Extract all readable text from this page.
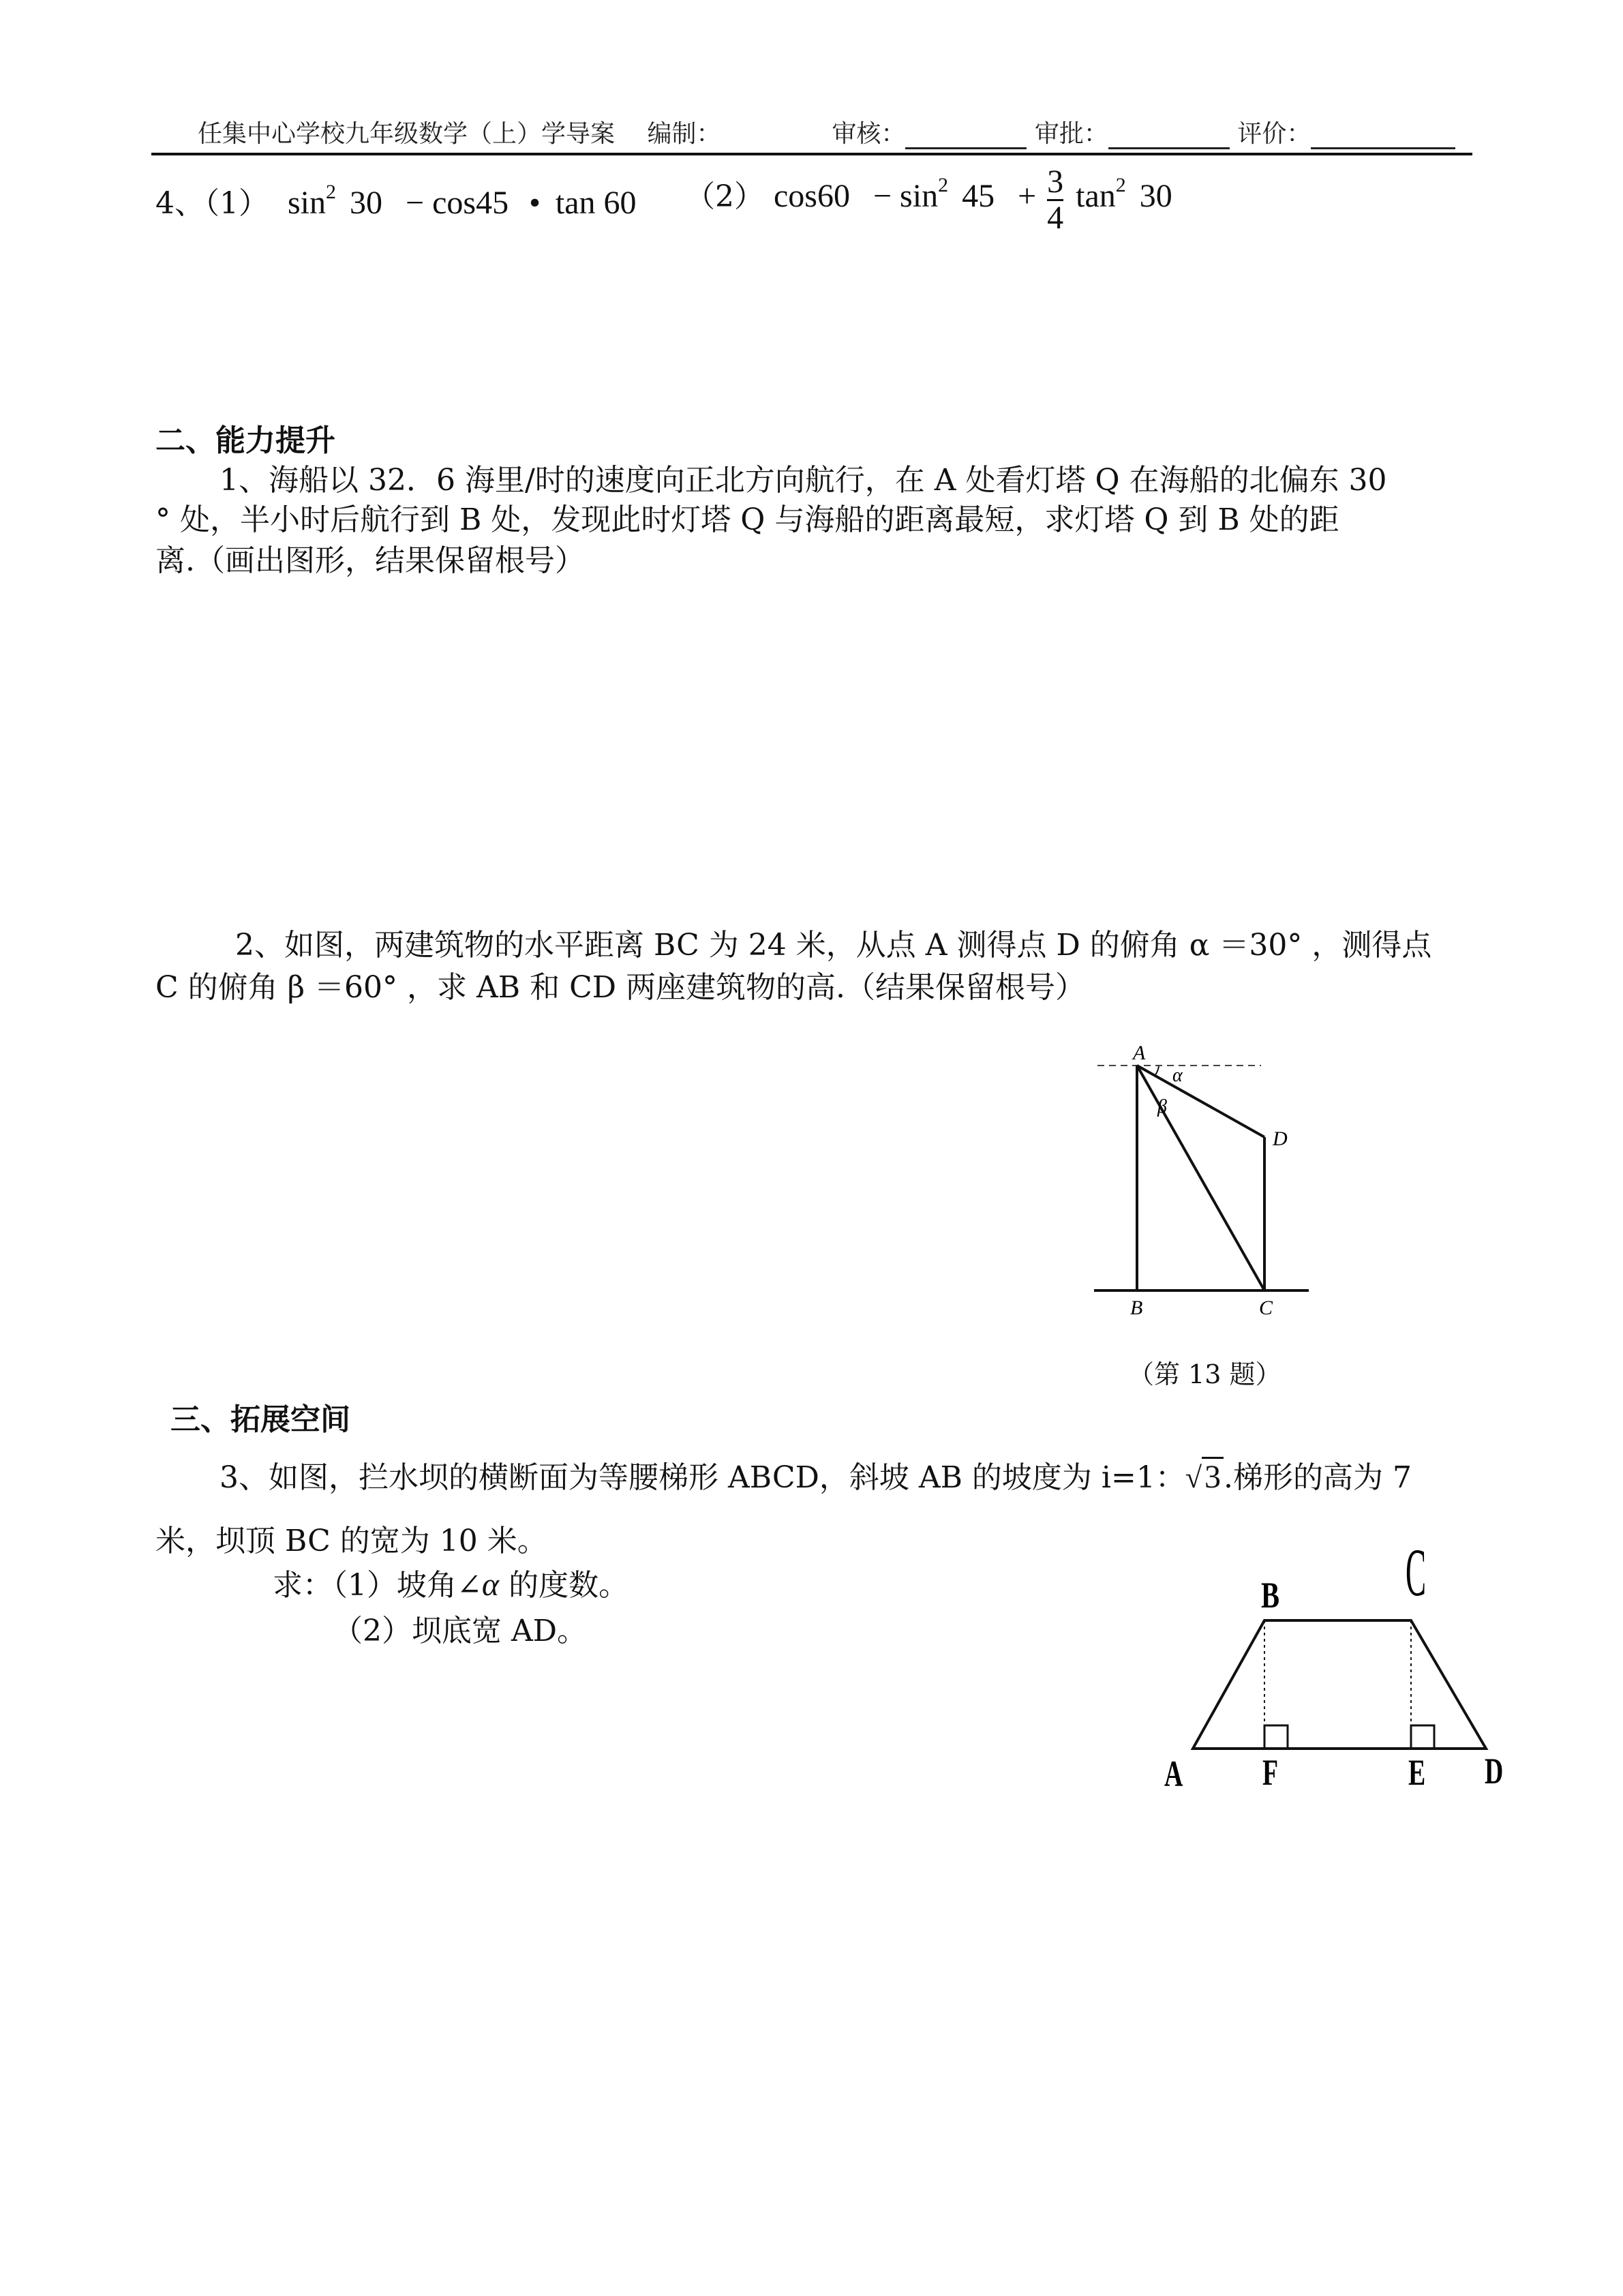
任集中心学校九年级数学（上）学导案 编制：	审核：	审批：	评价：
4、（1） $\sin^2 30 - \cos 45$ • tan 60 （2） $\cos 60 - \sin^2 45 + \frac{3}{4} \tan^2 30$
二、能力提升
1、海船以 32．6 海里/时的速度向正北方向航行，在 A 处看灯塔 Q 在海船的北偏东 30
° 处，半小时后航行到 B 处，发现此时灯塔 Q 与海船的距离最短，求灯塔 Q 到 B 处的距
离.（画出图形，结果保留根号）
2、如图，两建筑物的水平距离 BC 为 24 米，从点 A 测得点 D 的俯角 α ＝30° ，测得点
C 的俯角 β ＝60° ，求 AB 和 CD 两座建筑物的高.（结果保留根号）
A
α
β
D
B	C
（第 13 题）
三、拓展空间
3、如图，拦水坝的横断面为等腰梯形 ABCD，斜坡 AB 的坡度为 i=1：√3.梯形的高为 7
米，坝顶 BC 的宽为 10 米。
求：（1）坡角∠α 的度数。
（2）坝底宽 AD。
B C
A F	E D
